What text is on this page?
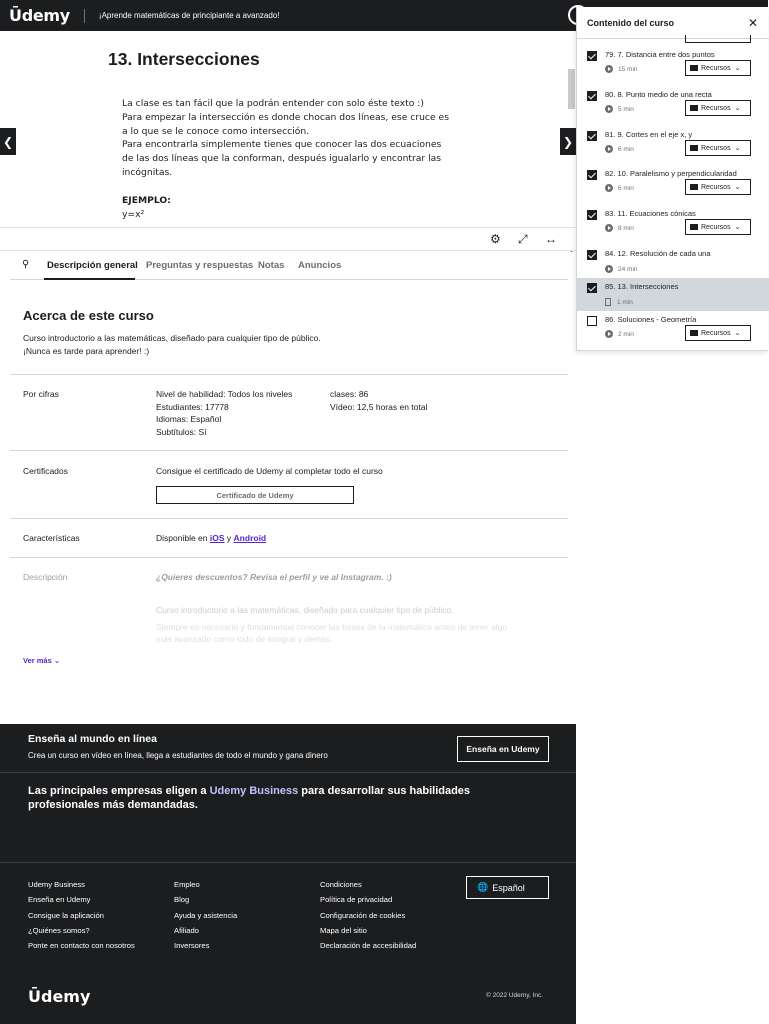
Ūdemy	¡Aprende matemáticas de principiante a avanzado!
13. Intersecciones

La clase es tan fácil que la podrán entender con solo éste texto :)

Para empezar la intersección es donde chocan dos líneas, ese cruce es a lo que se le conoce como intersección.

Para encontrarla simplemente tienes que conocer las dos ecuaciones de las dos líneas que la conforman, después igualarlo y encontrar las incógnitas.

EJEMPLO:

y=x²

❮	❯
⚙ ⤢ ↔
⚲ Descripción general Preguntas y respuestas Notas Anuncios
Acerca de este curso
Curso introductorio a las matemáticas, diseñado para cualquier tipo de público.
¡Nunca es tarde para aprender! :)
Por cifras	Nivel de habilidad: Todos los niveles
Estudiantes: 17778
Idiomas: Español
Subtítulos: Sí
clases: 86
Vídeo: 12,5 horas en total
Certificados	Consigue el certificado de Udemy al completar todo el curso
Certificado de Udemy
Características	Disponible en iOS y Android
Descripción	¿Quieres descuentos? Revisa el perfil y ve al Instagram. :)
Curso introductorio a las matemáticas, diseñado para cualquier tipo de público.
Siempre es necesario y fundamental conocer las bases de la matemática antes de tener algo más avanzado como todo de integral y demás.
Ver más ⌄
Enseña al mundo en línea
Crea un curso en vídeo en línea, llega a estudiantes de todo el mundo y gana dinero
Enseña en Udemy
Las principales empresas eligen a Udemy Business para desarrollar sus habilidades profesionales más demandadas.
Udemy Business
Enseña en Udemy
Consigue la aplicación
¿Quiénes somos?
Ponte en contacto con nosotros
Empleo
Blog
Ayuda y asistencia
Afiliado
Inversores
Condiciones
Política de privacidad
Configuración de cookies
Mapa del sitio
Declaración de accesibilidad
🌐 Español
Ūdemy	© 2022 Udemy, Inc.
Contenido del curso	✕
79. 7. Distancia entre dos puntos
15 min	Recursos ⌄
80. 8. Punto medio de una recta
5 min	Recursos ⌄
81. 9. Cortes en el eje x, y
6 min	Recursos ⌄
82. 10. Paralelismo y perpendicularidad
6 min	Recursos ⌄
83. 11. Ecuaciones cónicas
8 min	Recursos ⌄
84. 12. Resolución de cada una
24 min
85. 13. Intersecciones
1 min
86. Soluciones - Geometría
2 min	Recursos ⌄
